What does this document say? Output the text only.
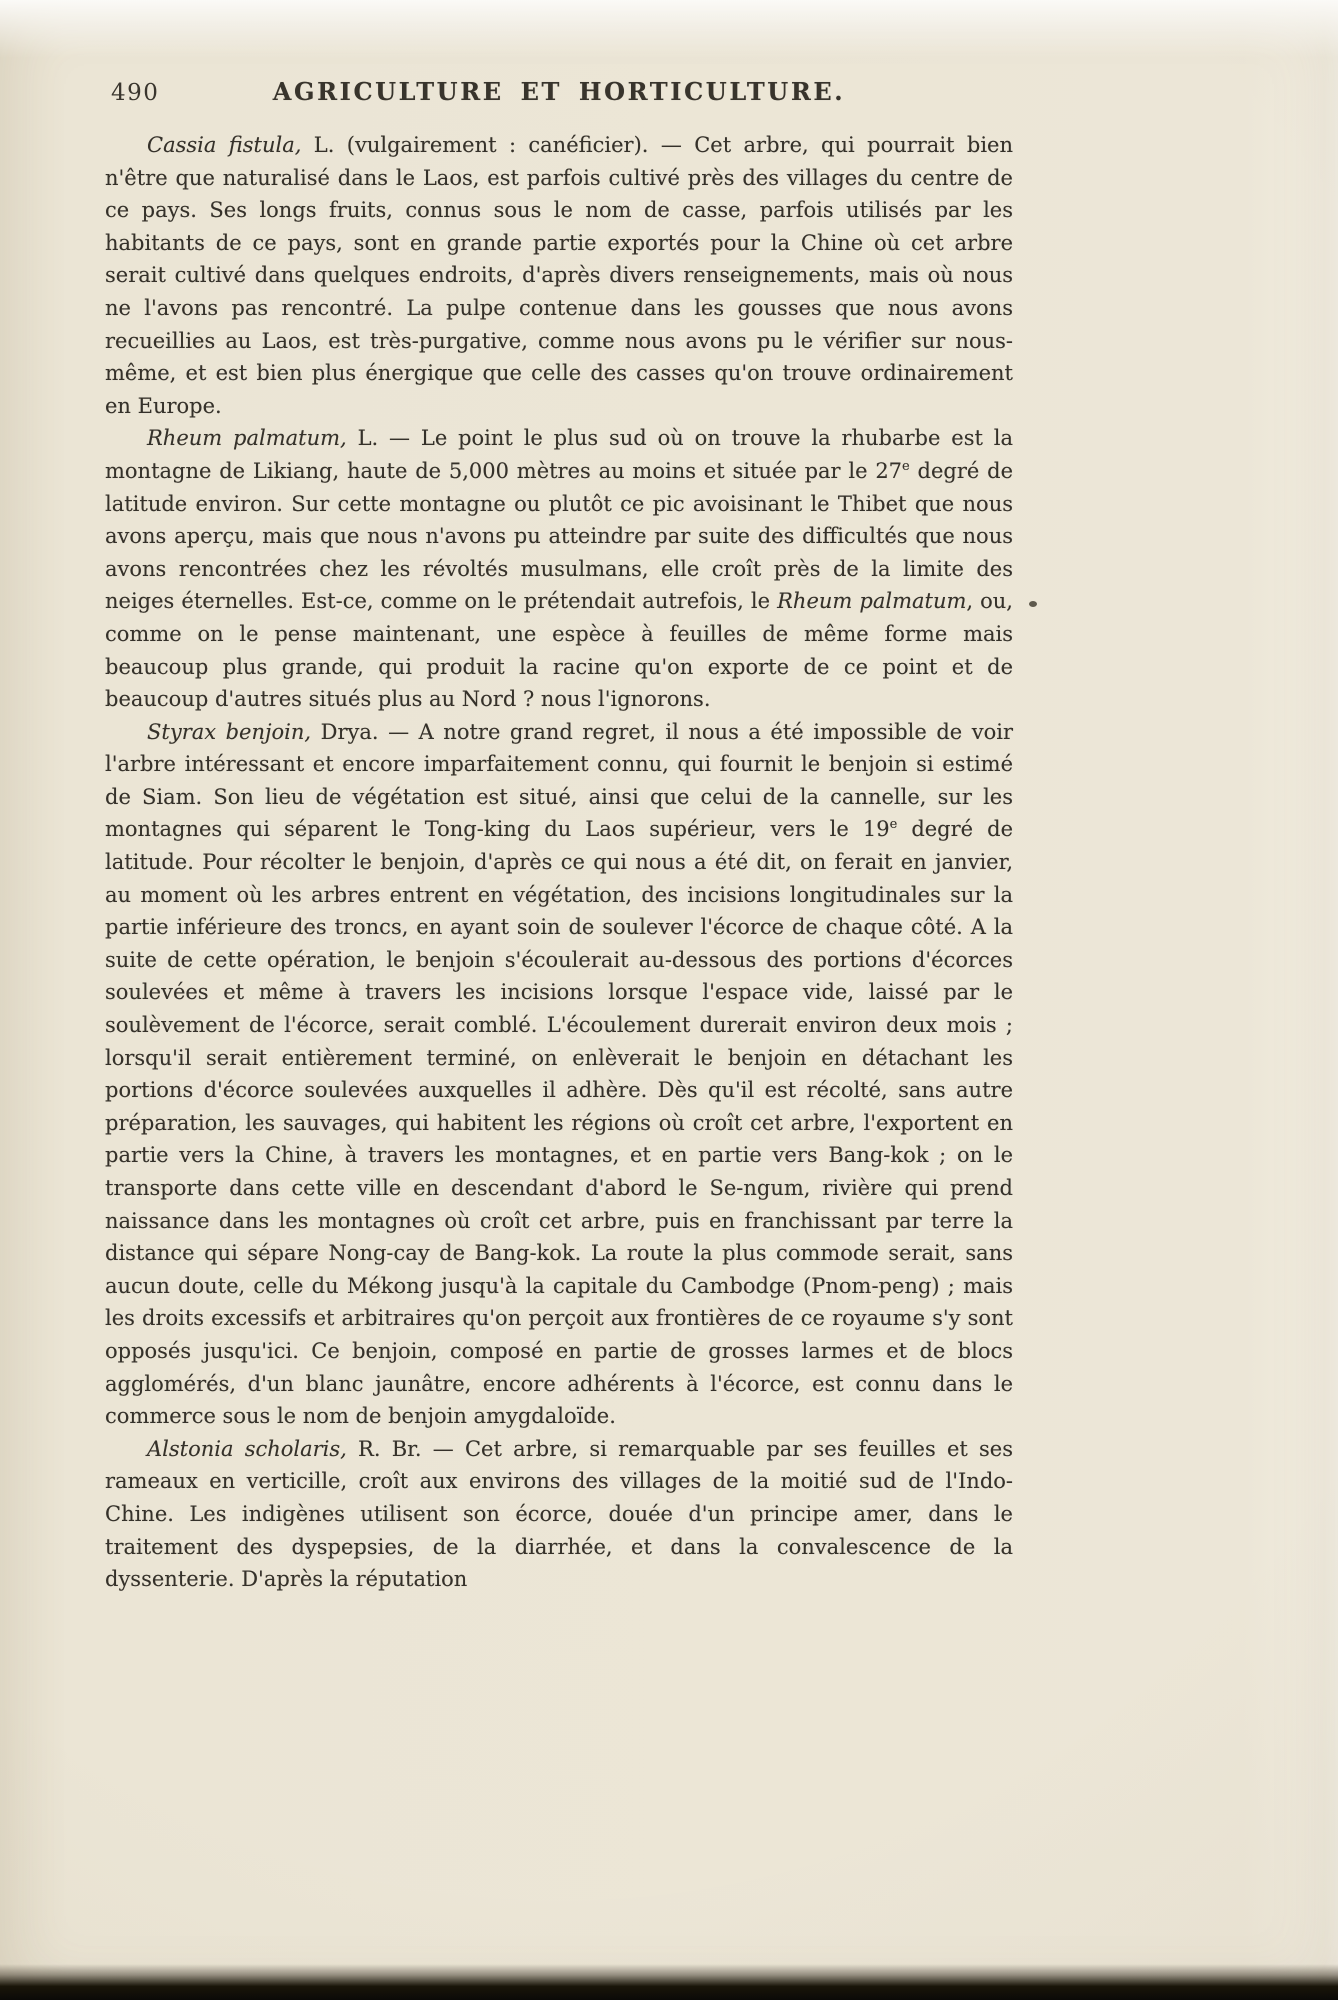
490	AGRICULTURE ET HORTICULTURE.

Cassia fistula, L. (vulgairement : canéficier). — Cet arbre, qui pourrait bien n'être que naturalisé dans le Laos, est parfois cultivé près des villages du centre de ce pays. Ses longs fruits, connus sous le nom de casse, parfois utilisés par les habitants de ce pays, sont en grande partie exportés pour la Chine où cet arbre serait cultivé dans quelques endroits, d'après divers renseignements, mais où nous ne l'avons pas rencontré. La pulpe contenue dans les gousses que nous avons recueillies au Laos, est très-purgative, comme nous avons pu le vérifier sur nous-même, et est bien plus énergique que celle des casses qu'on trouve ordinairement en Europe.

Rheum palmatum, L. — Le point le plus sud où on trouve la rhubarbe est la montagne de Likiang, haute de 5,000 mètres au moins et située par le 27e degré de latitude environ. Sur cette montagne ou plutôt ce pic avoisinant le Thibet que nous avons aperçu, mais que nous n'avons pu atteindre par suite des difficultés que nous avons rencontrées chez les révoltés musulmans, elle croît près de la limite des neiges éternelles. Est-ce, comme on le prétendait autrefois, le Rheum palmatum, ou, comme on le pense maintenant, une espèce à feuilles de même forme mais beaucoup plus grande, qui produit la racine qu'on exporte de ce point et de beaucoup d'autres situés plus au Nord ? nous l'ignorons.

Styrax benjoin, Drya. — A notre grand regret, il nous a été impossible de voir l'arbre intéressant et encore imparfaitement connu, qui fournit le benjoin si estimé de Siam. Son lieu de végétation est situé, ainsi que celui de la cannelle, sur les montagnes qui séparent le Tong-king du Laos supérieur, vers le 19e degré de latitude. Pour récolter le benjoin, d'après ce qui nous a été dit, on ferait en janvier, au moment où les arbres entrent en végétation, des incisions longitudinales sur la partie inférieure des troncs, en ayant soin de soulever l'écorce de chaque côté. A la suite de cette opération, le benjoin s'écoulerait au-dessous des portions d'écorces soulevées et même à travers les incisions lorsque l'espace vide, laissé par le soulèvement de l'écorce, serait comblé. L'écoulement durerait environ deux mois ; lorsqu'il serait entièrement terminé, on enlèverait le benjoin en détachant les portions d'écorce soulevées auxquelles il adhère. Dès qu'il est récolté, sans autre préparation, les sauvages, qui habitent les régions où croît cet arbre, l'exportent en partie vers la Chine, à travers les montagnes, et en partie vers Bang-kok ; on le transporte dans cette ville en descendant d'abord le Se-ngum, rivière qui prend naissance dans les montagnes où croît cet arbre, puis en franchissant par terre la distance qui sépare Nong-cay de Bang-kok. La route la plus commode serait, sans aucun doute, celle du Mékong jusqu'à la capitale du Cambodge (Pnom-peng) ; mais les droits excessifs et arbitraires qu'on perçoit aux frontières de ce royaume s'y sont opposés jusqu'ici. Ce benjoin, composé en partie de grosses larmes et de blocs agglomérés, d'un blanc jaunâtre, encore adhérents à l'écorce, est connu dans le commerce sous le nom de benjoin amygdaloïde.

Alstonia scholaris, R. Br. — Cet arbre, si remarquable par ses feuilles et ses rameaux en verticille, croît aux environs des villages de la moitié sud de l'Indo-Chine. Les indigènes utilisent son écorce, douée d'un principe amer, dans le traitement des dyspepsies, de la diarrhée, et dans la convalescence de la dyssenterie. D'après la réputation
